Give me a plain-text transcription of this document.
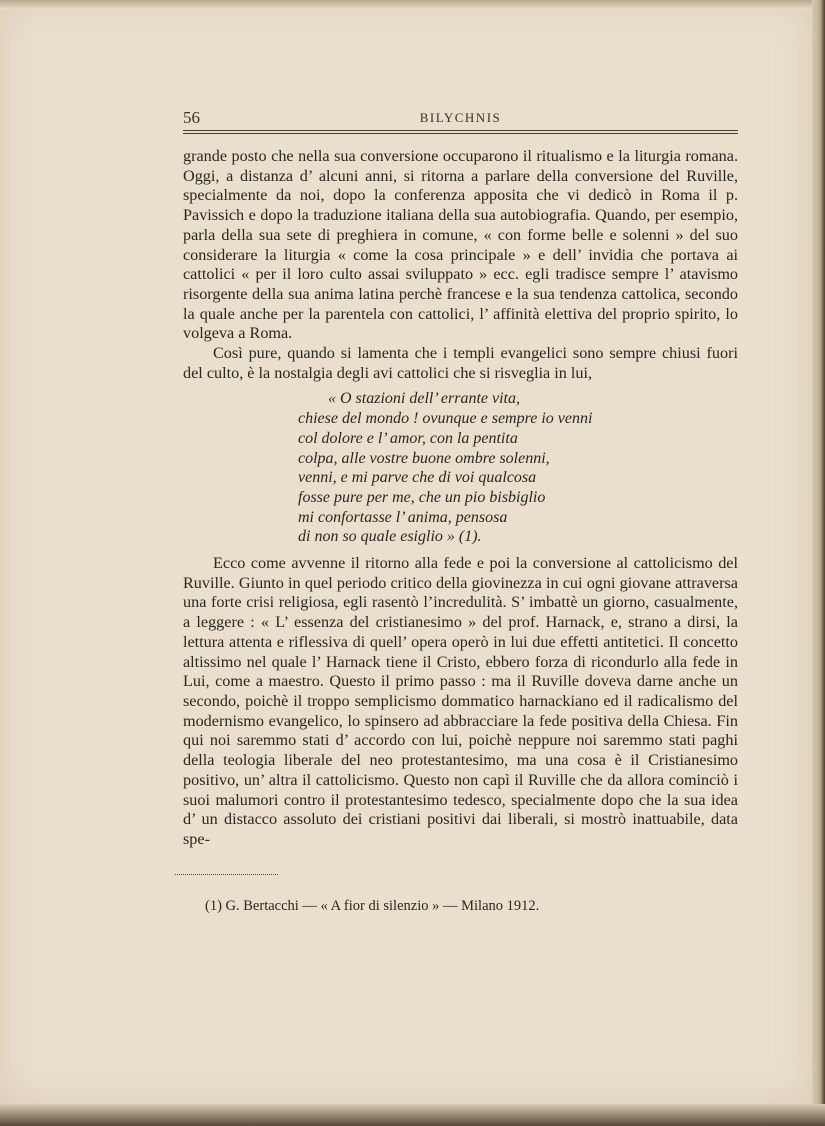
56	BILYCHNIS

grande posto che nella sua conversione occuparono il ritualismo e la liturgia romana. Oggi, a distanza d’ alcuni anni, si ritorna a parlare della conversione del Ruville, specialmente da noi, dopo la conferenza apposita che vi dedicò in Roma il p. Pavissich e dopo la traduzione italiana della sua autobiografia. Quando, per esempio, parla della sua sete di preghiera in comune, « con forme belle e solenni » del suo considerare la liturgia « come la cosa principale » e dell’ invidia che portava ai cattolici « per il loro culto assai sviluppato » ecc. egli tradisce sempre l’ atavismo risorgente della sua anima latina perchè francese e la sua tendenza cattolica, secondo la quale anche per la parentela con cattolici, l’ affinità elettiva del proprio spirito, lo volgeva a Roma.

Così pure, quando si lamenta che i templi evangelici sono sempre chiusi fuori del culto, è la nostalgia degli avi cattolici che si risveglia in lui,

« O stazioni dell’ errante vita,
chiese del mondo ! ovunque e sempre io venni
col dolore e l’ amor, con la pentita
colpa, alle vostre buone ombre solenni,
venni, e mi parve che di voi qualcosa
fosse pure per me, che un pio bisbiglio
mi confortasse l’ anima, pensosa
di non so quale esiglio » (1).

Ecco come avvenne il ritorno alla fede e poi la conversione al cattolicismo del Ruville. Giunto in quel periodo critico della giovinezza in cui ogni giovane attraversa una forte crisi religiosa, egli rasentò l’incredulità. S’ imbattè un giorno, casualmente, a leggere : « L’ essenza del cristianesimo » del prof. Harnack, e, strano a dirsi, la lettura attenta e riflessiva di quell’ opera operò in lui due effetti antitetici. Il concetto altissimo nel quale l’ Harnack tiene il Cristo, ebbero forza di ricondurlo alla fede in Lui, come a maestro. Questo il primo passo : ma il Ruville doveva darne anche un secondo, poichè il troppo semplicismo dommatico harnackiano ed il radicalismo del modernismo evangelico, lo spinsero ad abbracciare la fede positiva della Chiesa. Fin qui noi saremmo stati d’ accordo con lui, poichè neppure noi saremmo stati paghi della teologia liberale del neo protestantesimo, ma una cosa è il Cristianesimo positivo, un’ altra il cattolicismo. Questo non capì il Ruville che da allora cominciò i suoi malumori contro il protestantesimo tedesco, specialmente dopo che la sua idea d’ un distacco assoluto dei cristiani positivi dai liberali, si mostrò inattuabile, data spe-

(1) G. Bertacchi — « A fior di silenzio » — Milano 1912.
